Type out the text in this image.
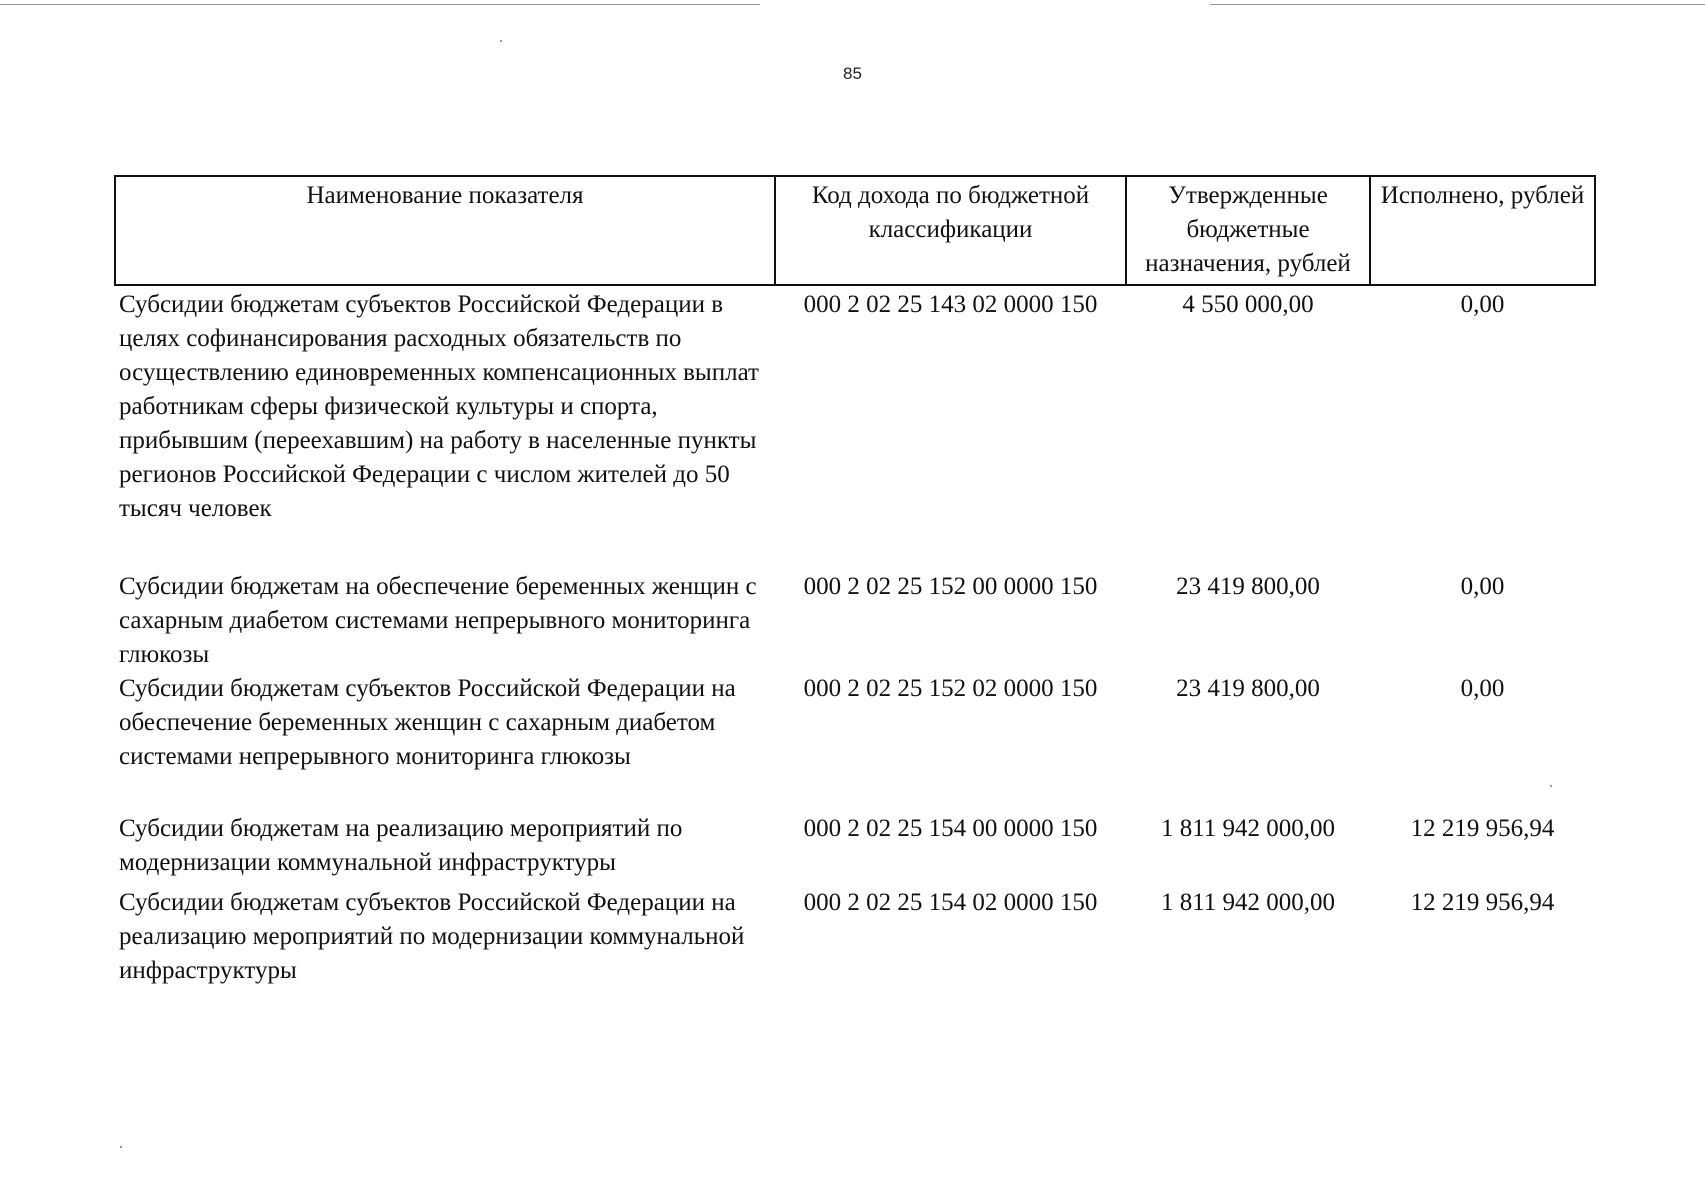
85
Наименование показателя	Код дохода по бюджетной классификации	Утвержденные бюджетные назначения, рублей	Исполнено, рублей
Субсидии бюджетам субъектов Российской Федерации в целях софинансирования расходных обязательств по осуществлению единовременных компенсационных выплат работникам сферы физической культуры и спорта, прибывшим (переехавшим) на работу в населенные пункты регионов Российской Федерации с числом жителей до 50 тысяч человек	000 2 02 25 143 02 0000 150	4 550 000,00	0,00
Субсидии бюджетам на обеспечение беременных женщин с сахарным диабетом системами непрерывного мониторинга глюкозы	000 2 02 25 152 00 0000 150	23 419 800,00	0,00
Субсидии бюджетам субъектов Российской Федерации на обеспечение беременных женщин с сахарным диабетом системами непрерывного мониторинга глюкозы	000 2 02 25 152 02 0000 150	23 419 800,00	0,00
Субсидии бюджетам на реализацию мероприятий по модернизации коммунальной инфраструктуры	000 2 02 25 154 00 0000 150	1 811 942 000,00	12 219 956,94
Субсидии бюджетам субъектов Российской Федерации на реализацию мероприятий по модернизации коммунальной инфраструктуры	000 2 02 25 154 02 0000 150	1 811 942 000,00	12 219 956,94
